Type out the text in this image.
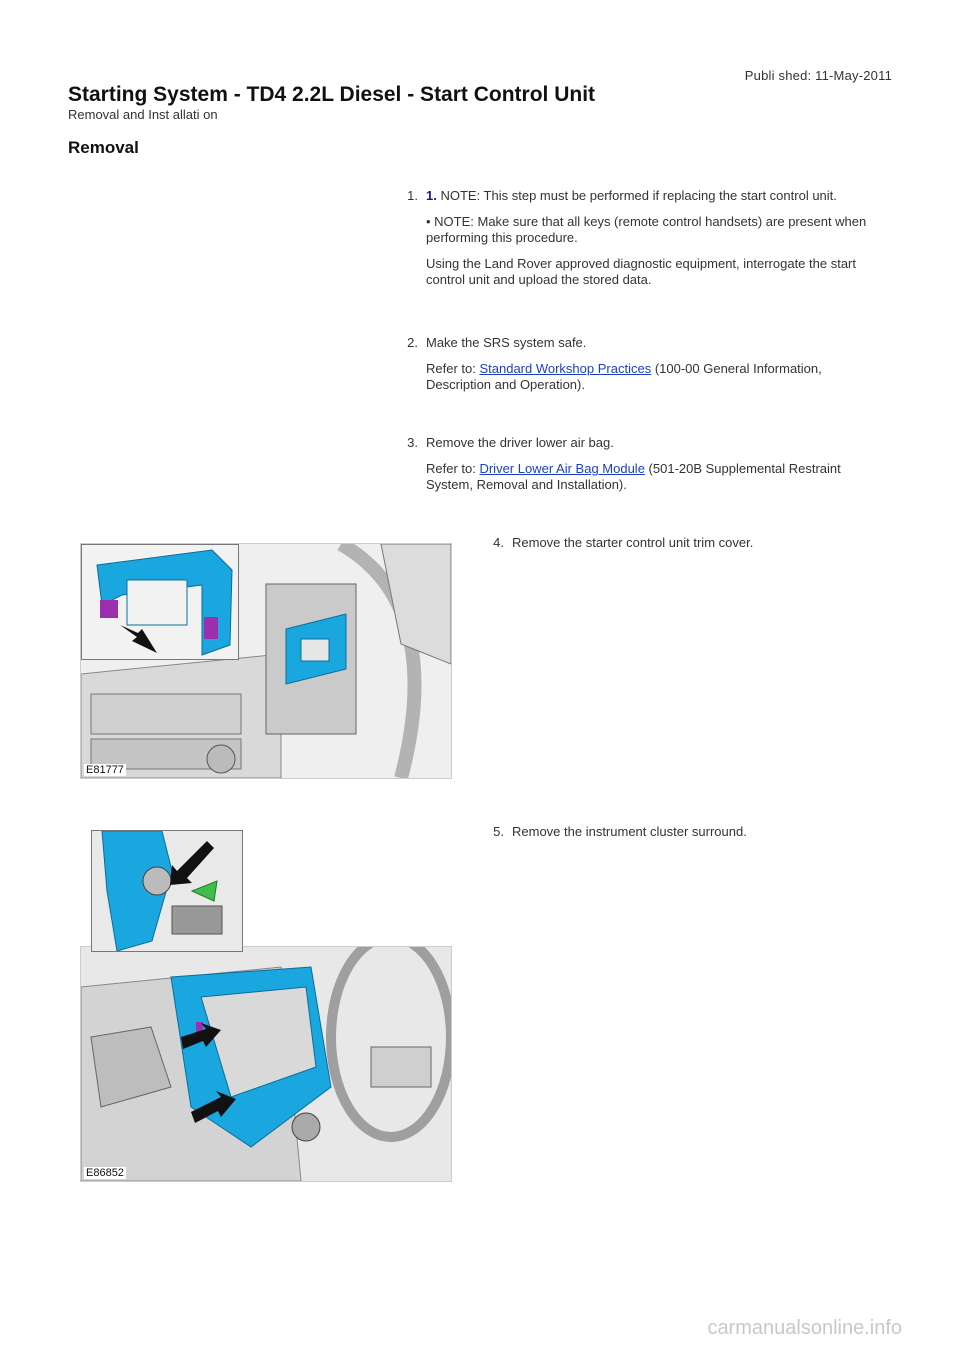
Publi shed: 11-May-2011
Starting System - TD4 2.2L Diesel - Start Control Unit
Removal and Inst allati on
Removal
1. 1. NOTE: This step must be performed if replacing the start control unit.

• NOTE: Make sure that all keys (remote control handsets) are present when performing this procedure.

Using the Land Rover approved diagnostic equipment, interrogate the start control unit and upload the stored data.

2. Make the SRS system safe.

Refer to: Standard Workshop Practices (100-00 General Information, Description and Operation).

3. Remove the driver lower air bag.

Refer to: Driver Lower Air Bag Module (501-20B Supplemental Restraint System, Removal and Installation).

4. Remove the starter control unit trim cover.

E81777
5. Remove the instrument cluster surround.

E86852
carmanualsonline.info
